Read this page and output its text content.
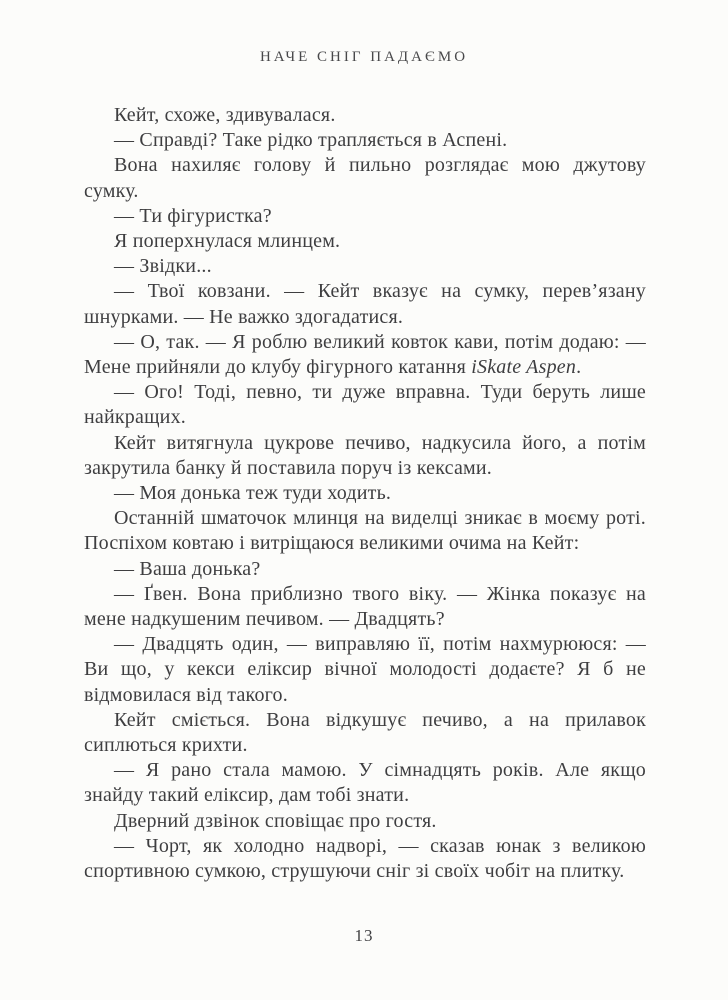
НАЧЕ СНІГ ПАДАЄМО

Кейт, схоже, здивувалася.

— Справді? Таке рідко трапляється в Аспені.

Вона нахиляє голову й пильно розглядає мою джутову сумку.

— Ти фігуристка?

Я поперхнулася млинцем.

— Звідки...

— Твої ковзани. — Кейт вказує на сумку, перев’язану шнурками. — Не важко здогадатися.

— О, так. — Я роблю великий ковток кави, потім додаю: — Мене прийняли до клубу фігурного катання iSkate Aspen.

— Ого! Тоді, певно, ти дуже вправна. Туди беруть лише найкращих.

Кейт витягнула цукрове печиво, надкусила його, а потім закрутила банку й поставила поруч із кексами.

— Моя донька теж туди ходить.

Останній шматочок млинця на виделці зникає в моєму роті. Поспіхом ковтаю і витріщаюся великими очима на Кейт:

— Ваша донька?

— Ґвен. Вона приблизно твого віку. — Жінка показує на мене надкушеним печивом. — Двадцять?

— Двадцять один, — виправляю її, потім нахмурююся: — Ви що, у кекси еліксир вічної молодості додаєте? Я б не відмовилася від такого.

Кейт сміється. Вона відкушує печиво, а на прилавок сиплються крихти.

— Я рано стала мамою. У сімнадцять років. Але якщо знайду такий еліксир, дам тобі знати.

Дверний дзвінок сповіщає про гостя.

— Чорт, як холодно надворі, — сказав юнак з великою спортивною сумкою, струшуючи сніг зі своїх чобіт на плитку.

13
